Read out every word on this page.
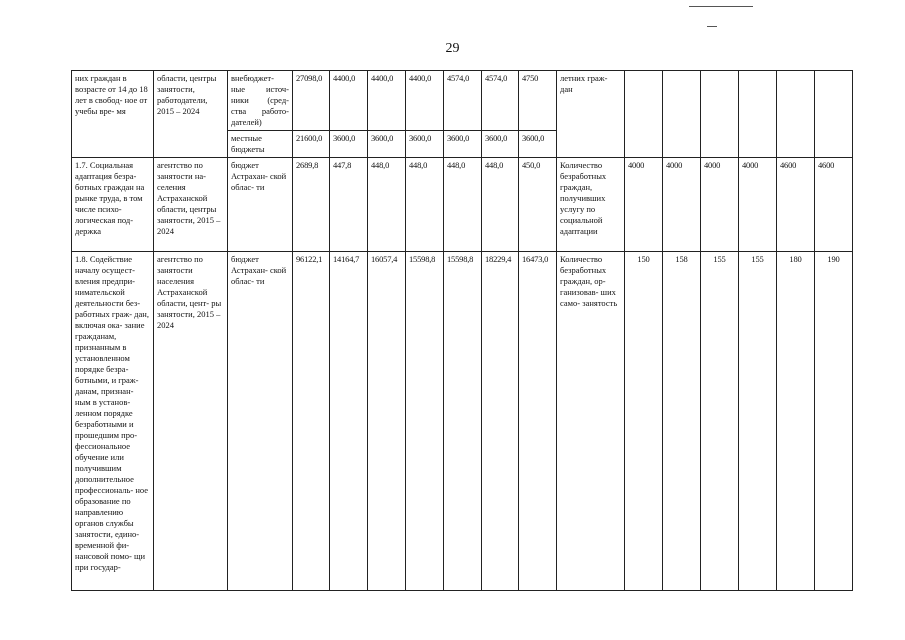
29
них граждан в возрасте от 14 до 18 лет в свобод- ное от учебы вре- мя	области, центры занятости, работодатели, 2015 – 2024	внебюджет- ные источ- ники (сред- ства работо- дателей)	27098,0	4400,0	4400,0	4400,0	4574,0	4574,0	4750	летних граж- дан						
		местные бюджеты	21600,0	3600,0	3600,0	3600,0	3600,0	3600,0	3600,0							
1.7. Социальная адаптация безра- ботных граждан на рынке труда, в том числе психо- логическая под- держка	агентство по занятости на- селения Астраханской области, центры занятости, 2015 – 2024	бюджет Астрахан- ской облас- ти	2689,8	447,8	448,0	448,0	448,0	448,0	450,0	Количество безработных граждан, получивших услугу по социальной адаптации	4000	4000	4000	4000	4600	4600
1.8. Содействие началу осущест- вления предпри- нимательской деятельности без- работных граж- дан, включая ока- зание гражданам, признанным в установленном порядке безра- ботными, и граж- данам, признан- ным в установ- ленном порядке безработными и прошедшим про- фессиональное обучение или получившим дополнительное профессиональ- ное образование по направлению органов службы занятости, едино- временной фи- нансовой помо- щи при государ-	агентство по занятости населения Астраханской области, цент- ры занятости, 2015 – 2024	бюджет Астрахан- ской облас- ти	96122,1	14164,7	16057,4	15598,8	15598,8	18229,4	16473,0	Количество безработных граждан, ор- ганизовав- ших само- занятость	150	158	155	155	180	190
